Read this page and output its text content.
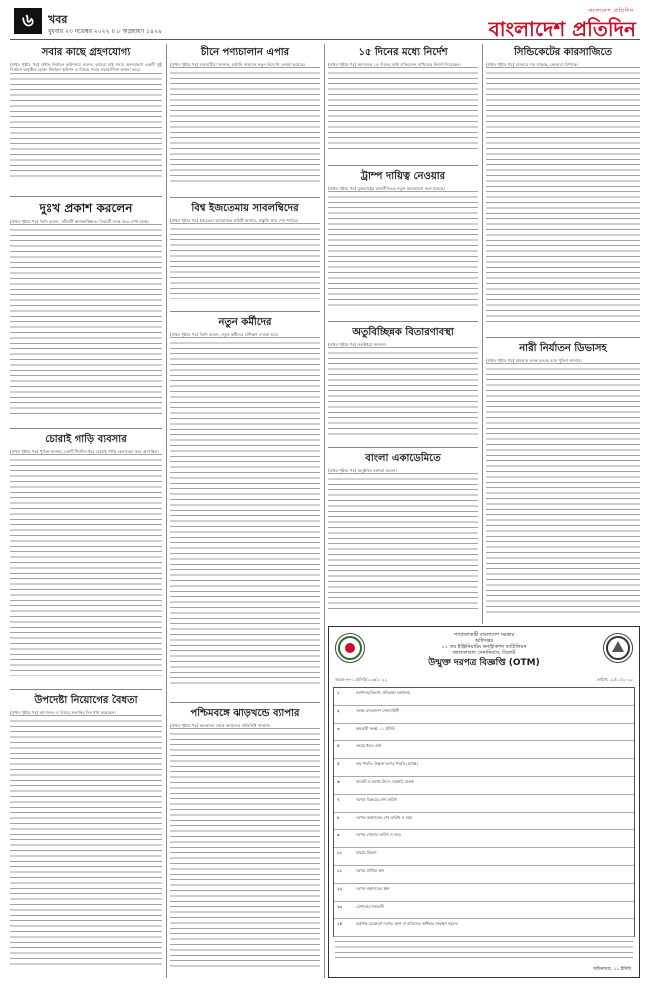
৬	খবর
বুধবার ২৩ নভেম্বর ২০২২ ॥ ৮ অগ্রহায়ণ ১৪২৯
বাংলাদেশ প্রতিদিন
বাংলাদেশ প্রতিদিন
সবার কাছে গ্রহণযোগ্য

(প্রথম পৃষ্ঠার পর) প্রধান নির্বাচন কমিশনার বলেন, আমরা চাই সবার অংশগ্রহণে একটি সুষ্ঠু নির্বাচন অনুষ্ঠিত হোক। নির্বাচন কমিশন এ বিষয়ে সবার সহযোগিতা কামনা করে।

দুঃখ প্রকাশ করলেন

(প্রথম পৃষ্ঠার পর) তিনি বলেন, ঘটনাটি অনাকাঙ্ক্ষিত। বিষয়টি তদন্ত করে দেখা হচ্ছে।

চোরাই গাড়ি ব্যবসার

(প্রথম পৃষ্ঠার পর) পুলিশ জানায়, চক্রটি দীর্ঘদিন ধরে চোরাই গাড়ি কেনাবেচা করে আসছিল।

উপদেষ্টা নিয়োগের বৈধতা

(প্রথম পৃষ্ঠার পর) আদালত এ বিষয়ে শুনানির দিন ধার্য করেছেন।

চীনে পণ্যচালান এপার

(প্রথম পৃষ্ঠার পর) ব্যবসায়ীরা জানান, রপ্তানি বাড়াতে নতুন উদ্যোগ নেওয়া হয়েছে।

বিশ্ব ইজতেমায় সাবলম্বিদের

(প্রথম পৃষ্ঠার পর) ইজতেমা আয়োজক কমিটি জানায়, প্রস্তুতি প্রায় শেষ পর্যায়ে।

নতুন কর্মীদের

(প্রথম পৃষ্ঠার পর) তিনি বলেন, নতুন কর্মীদের প্রশিক্ষণ দেওয়া হবে।

পশ্চিমবঙ্গে ঝাড়খন্ডে ব্যাপার

(প্রথম পৃষ্ঠার পর) কলকাতা থেকে আমাদের প্রতিনিধি জানান।

১৫ দিনের মধ্যে নির্দেশ

(প্রথম পৃষ্ঠার পর) আদালত ১৫ দিনের মধ্যে প্রতিবেদন দাখিলের নির্দেশ দিয়েছেন।

ট্রাম্প দায়িত্ব নেওয়ার

(প্রথম পৃষ্ঠার পর) যুক্তরাষ্ট্রের রাজনীতিতে নতুন আলোচনা শুরু হয়েছে।

অতুবিচ্ছিন্নক বিতারণাবস্থা

(প্রথম পৃষ্ঠার পর) সংশ্লিষ্টরা জানান।

বাংলা একাডেমিতে

(প্রথম পৃষ্ঠার পর) অনুষ্ঠানে বক্তারা বলেন।

সিন্ডিকেটের কারসাজিতে

(প্রথম পৃষ্ঠার পর) বাজারে দাম বাড়ছে, ক্রেতারা বিপাকে।

নারী নির্যাতন ডিভাসহ

(প্রথম পৃষ্ঠার পর) মামলার তদন্ত চলছে বলে পুলিশ জানায়।

গণপ্রজাতন্ত্রী বাংলাদেশ সরকার
অধিদপ্তর
১১ তম ইঞ্জিনিয়ারিং কনস্ট্রাকশন ব্যাটালিয়ন
জালালাবাদ সেনানিবাস, সিলেট
উন্মুক্ত দরপত্র বিজ্ঞপ্তি (OTM)
স্মারক নং-১১ইসিবি/১২৩/২০২২	তারিখ: ২২/১১/২০২২
১	মন্ত্রণালয়/বিভাগ: প্রতিরক্ষা মন্ত্রণালয়
২	সংস্থা: বাংলাদেশ সেনাবাহিনী
৩	ক্রয়কারী সংস্থা: ১১ ইসিবি
৪	ক্রয়ের ধরন: কার্য
৫	ক্রয় পদ্ধতি: উন্মুক্ত দরপত্র পদ্ধতি (OTM)
৬	বাজেট ও অর্থের উৎস: সরকারি রাজস্ব
৭	দরপত্র বিক্রয়ের শেষ তারিখ
৮	দরপত্র জমাদানের শেষ তারিখ ও সময়
৯	দরপত্র খোলার তারিখ ও সময়
১০	কার্যের বিবরণ
১১	দরপত্র প্রাপ্তির স্থান
১২	দরপত্র জমাদানের স্থান
১৩	যোগ্যতার শর্তাবলী
১৪	কর্তৃপক্ষ যেকোনো দরপত্র গ্রহণ বা বাতিলের অধিকার সংরক্ষণ করেন।
অধিনায়ক, ১১ ইসিবি
